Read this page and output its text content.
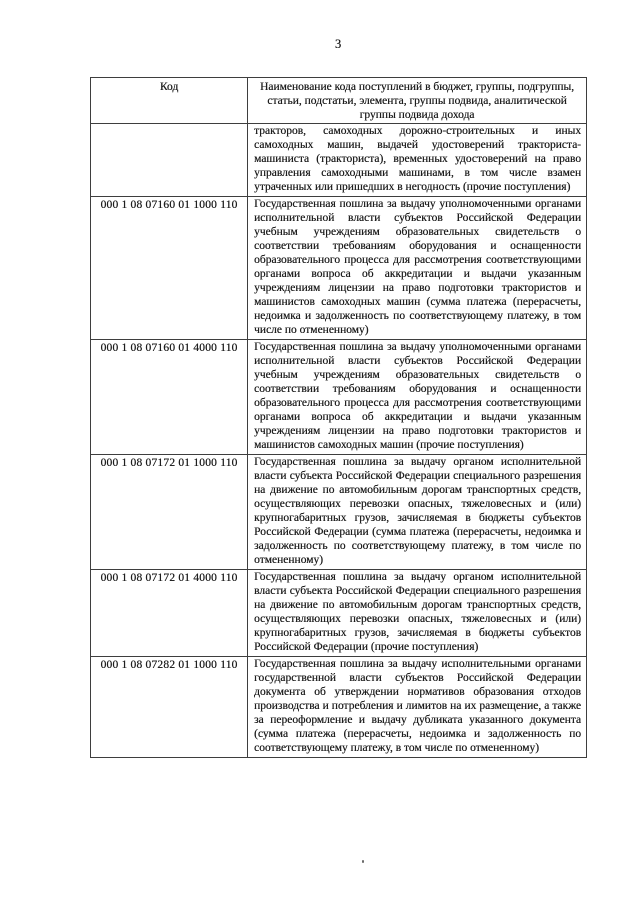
3
Код	Наименование кода поступлений в бюджет, группы, подгруппы, статьи, подстатьи, элемента, группы подвида, аналитической группы подвида дохода
	тракторов, самоходных дорожно-строительных и иных самоходных машин, выдачей удостоверений тракториста-машиниста (тракториста), временных удостоверений на право управления самоходными машинами, в том числе взамен утраченных или пришедших в негодность (прочие поступления)
000 1 08 07160 01 1000 110	Государственная пошлина за выдачу уполномоченными органами исполнительной власти субъектов Российской Федерации учебным учреждениям образовательных свидетельств о соответствии требованиям оборудования и оснащенности образовательного процесса для рассмотрения соответствующими органами вопроса об аккредитации и выдачи указанным учреждениям лицензии на право подготовки трактористов и машинистов самоходных машин (сумма платежа (перерасчеты, недоимка и задолженность по соответствующему платежу, в том числе по отмененному)
000 1 08 07160 01 4000 110	Государственная пошлина за выдачу уполномоченными органами исполнительной власти субъектов Российской Федерации учебным учреждениям образовательных свидетельств о соответствии требованиям оборудования и оснащенности образовательного процесса для рассмотрения соответствующими органами вопроса об аккредитации и выдачи указанным учреждениям лицензии на право подготовки трактористов и машинистов самоходных машин (прочие поступления)
000 1 08 07172 01 1000 110	Государственная пошлина за выдачу органом исполнительной власти субъекта Российской Федерации специального разрешения на движение по автомобильным дорогам транспортных средств, осуществляющих перевозки опасных, тяжеловесных и (или) крупногабаритных грузов, зачисляемая в бюджеты субъектов Российской Федерации (сумма платежа (перерасчеты, недоимка и задолженность по соответствующему платежу, в том числе по отмененному)
000 1 08 07172 01 4000 110	Государственная пошлина за выдачу органом исполнительной власти субъекта Российской Федерации специального разрешения на движение по автомобильным дорогам транспортных средств, осуществляющих перевозки опасных, тяжеловесных и (или) крупногабаритных грузов, зачисляемая в бюджеты субъектов Российской Федерации (прочие поступления)
000 1 08 07282 01 1000 110	Государственная пошлина за выдачу исполнительными органами государственной власти субъектов Российской Федерации документа об утверждении нормативов образования отходов производства и потребления и лимитов на их размещение, а также за переоформление и выдачу дубликата указанного документа (сумма платежа (перерасчеты, недоимка и задолженность по соответствующему платежу, в том числе по отмененному)
